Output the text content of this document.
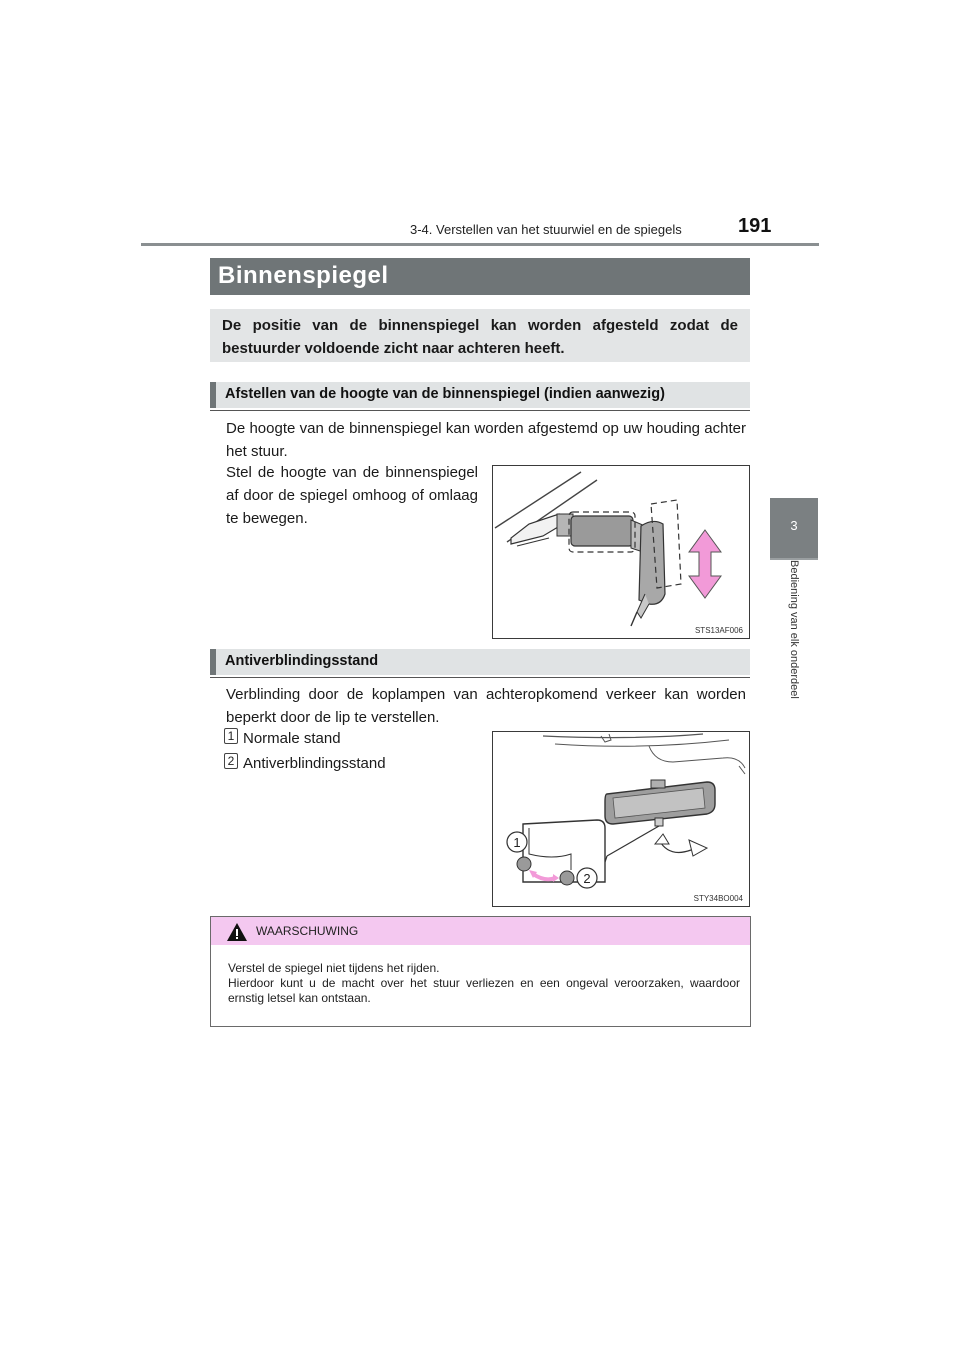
3-4. Verstellen van het stuurwiel en de spiegels	191
3
Bediening van elk onderdeel
Binnenspiegel
De positie van de binnenspiegel kan worden afgesteld zodat de bestuurder voldoende zicht naar achteren heeft.
Afstellen van de hoogte van de binnenspiegel (indien aanwezig)
De hoogte van de binnenspiegel kan worden afgestemd op uw houding achter het stuur.
Stel de hoogte van de binnenspiegel af door de spiegel omhoog of omlaag te bewegen.
STS13AF006
Antiverblindingsstand
Verblinding door de koplampen van achteropkomend verkeer kan worden beperkt door de lip te verstellen.
1 Normale stand
2 Antiverblindingsstand
1
2
STY34BO004
WAARSCHUWING
Verstel de spiegel niet tijdens het rijden.
Hierdoor kunt u de macht over het stuur verliezen en een ongeval veroorzaken, waardoor ernstig letsel kan ontstaan.
